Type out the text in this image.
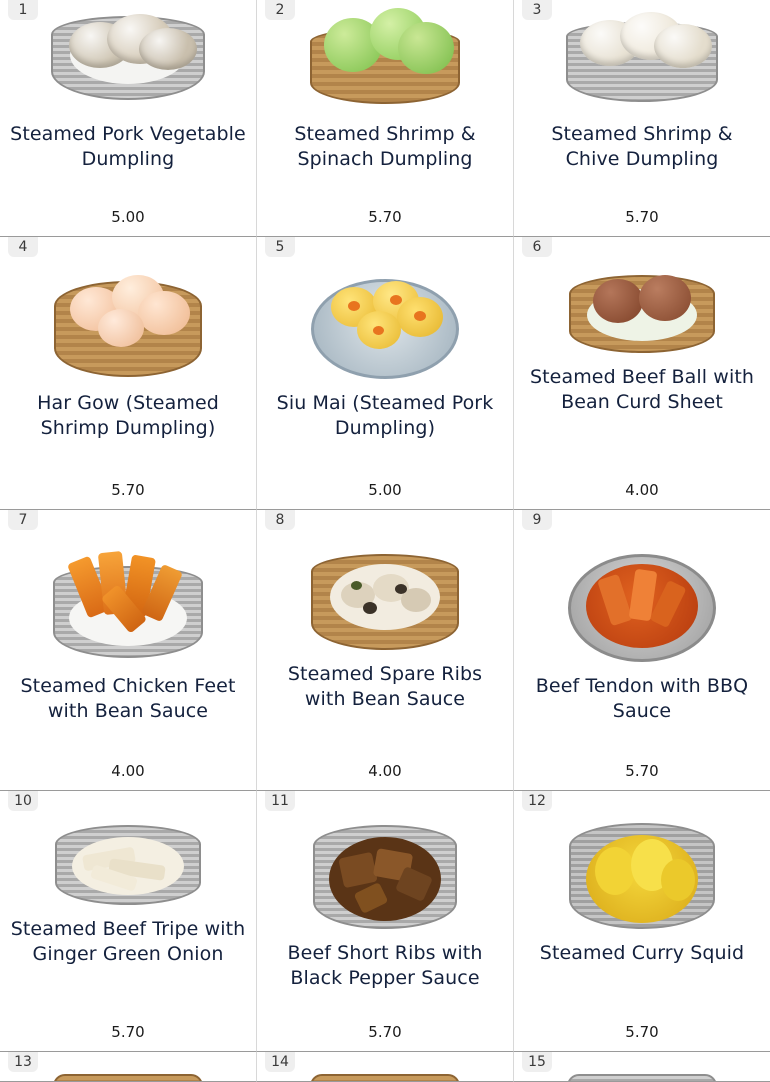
1
Steamed Pork Vegetable Dumpling
5.00
2
Steamed Shrimp & Spinach Dumpling
5.70
3
Steamed Shrimp & Chive Dumpling
5.70
4
Har Gow (Steamed Shrimp Dumpling)
5.70
5
Siu Mai (Steamed Pork Dumpling)
5.00
6
Steamed Beef Ball with Bean Curd Sheet
4.00
7
Steamed Chicken Feet with Bean Sauce
4.00
8
Steamed Spare Ribs with Bean Sauce
4.00
9
Beef Tendon with BBQ Sauce
5.70
10
Steamed Beef Tripe with Ginger Green Onion
5.70
11
Beef Short Ribs with Black Pepper Sauce
5.70
12
Steamed Curry Squid
5.70
13	14	15
